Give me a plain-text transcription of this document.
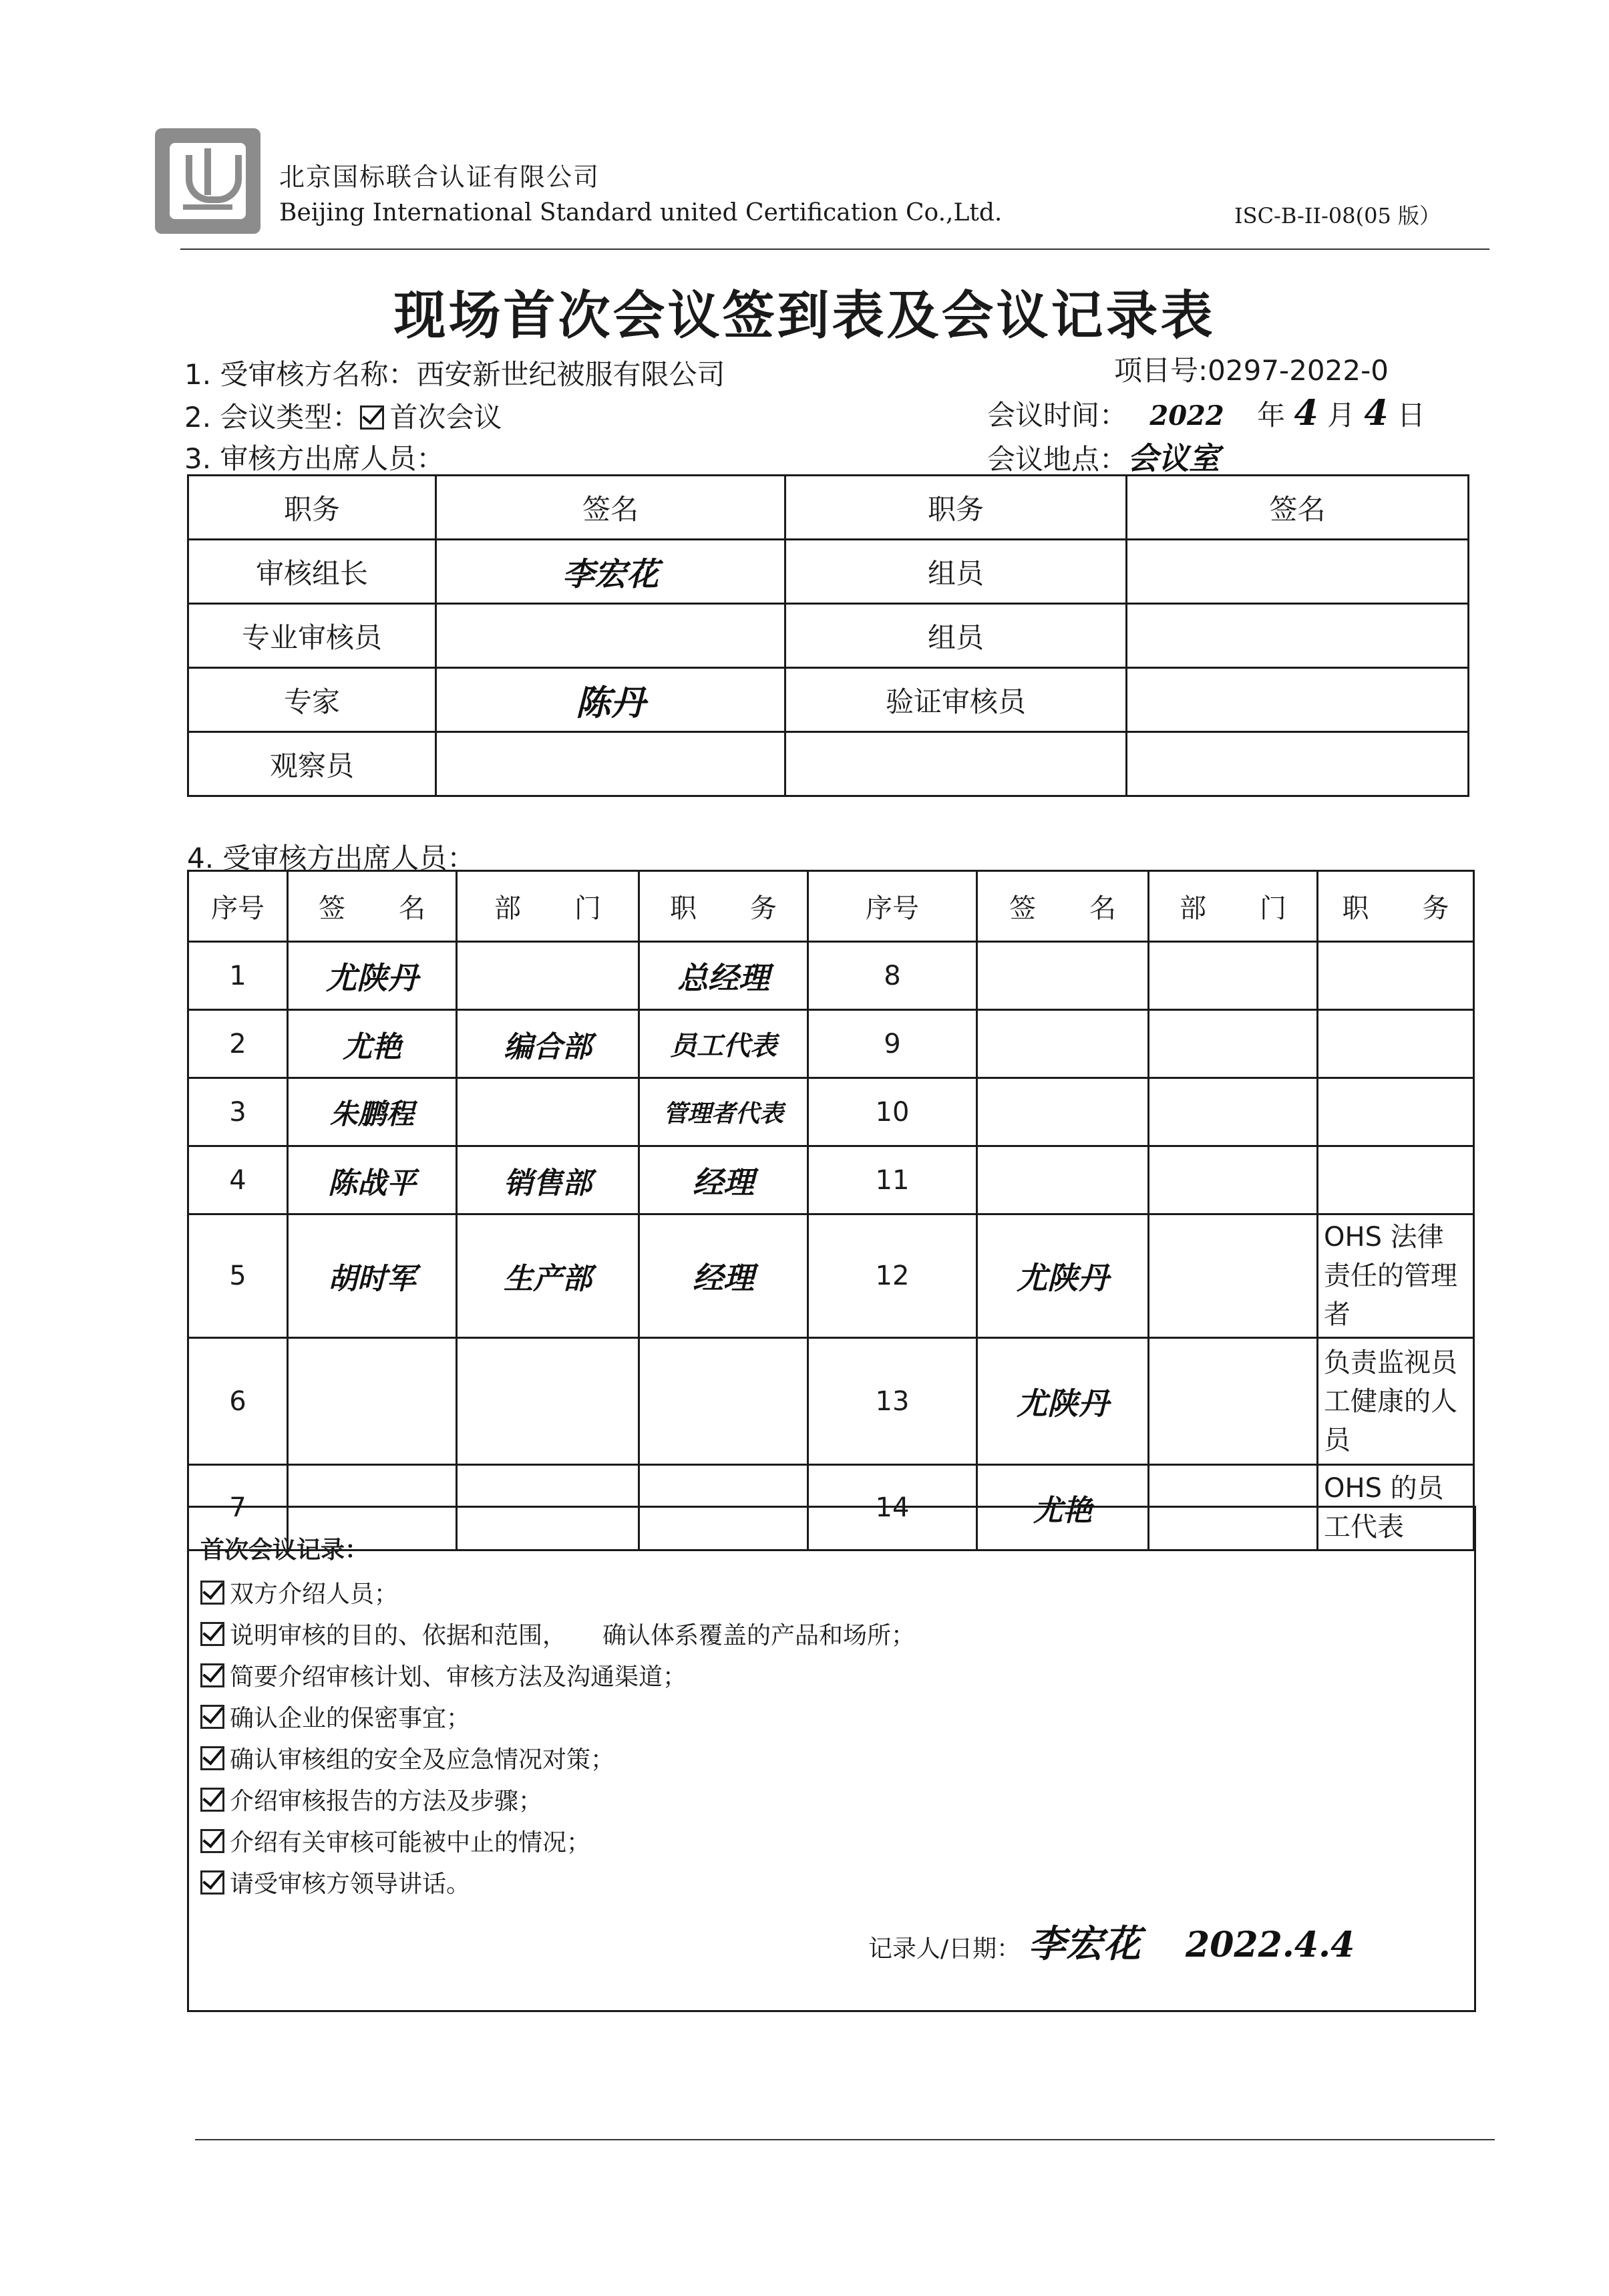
北京国标联合认证有限公司
Beijing International Standard united Certification Co.,Ltd.	ISC-B-II-08(05 版）
现场首次会议签到表及会议记录表
1. 受审核方名称：西安新世纪被服有限公司	项目号:0297-2022-0
2. 会议类型： 首次会议	会议时间： 2022 年 4 月 4 日
3. 审核方出席人员：	会议地点：会议室
职务	签名	职务	签名
审核组长	李宏花	组员	
专业审核员		组员	
专家	陈丹	验证审核员	
观察员			
4. 受审核方出席人员：
序号	签　　名	部　　门	职　　务	序号	签　　名	部　　门	职　　务
1	尤陕丹		总经理	8			
2	尤艳	编合部	员工代表	9			
3	朱鹏程		管理者代表	10			
4	陈战平	销售部	经理	11			
5	胡时军	生产部	经理	12	尤陕丹		OHS 法律责任的管理者
6				13	尤陕丹		负责监视员工健康的人员
7				14	尤艳		OHS 的员工代表
首次会议记录：
双方介绍人员；
说明审核的目的、依据和范围，　　确认体系覆盖的产品和场所；
简要介绍审核计划、审核方法及沟通渠道；
确认企业的保密事宜；
确认审核组的安全及应急情况对策；
介绍审核报告的方法及步骤；
介绍有关审核可能被中止的情况；
请受审核方领导讲话。
记录人/日期： 李宏花 2022.4.4
